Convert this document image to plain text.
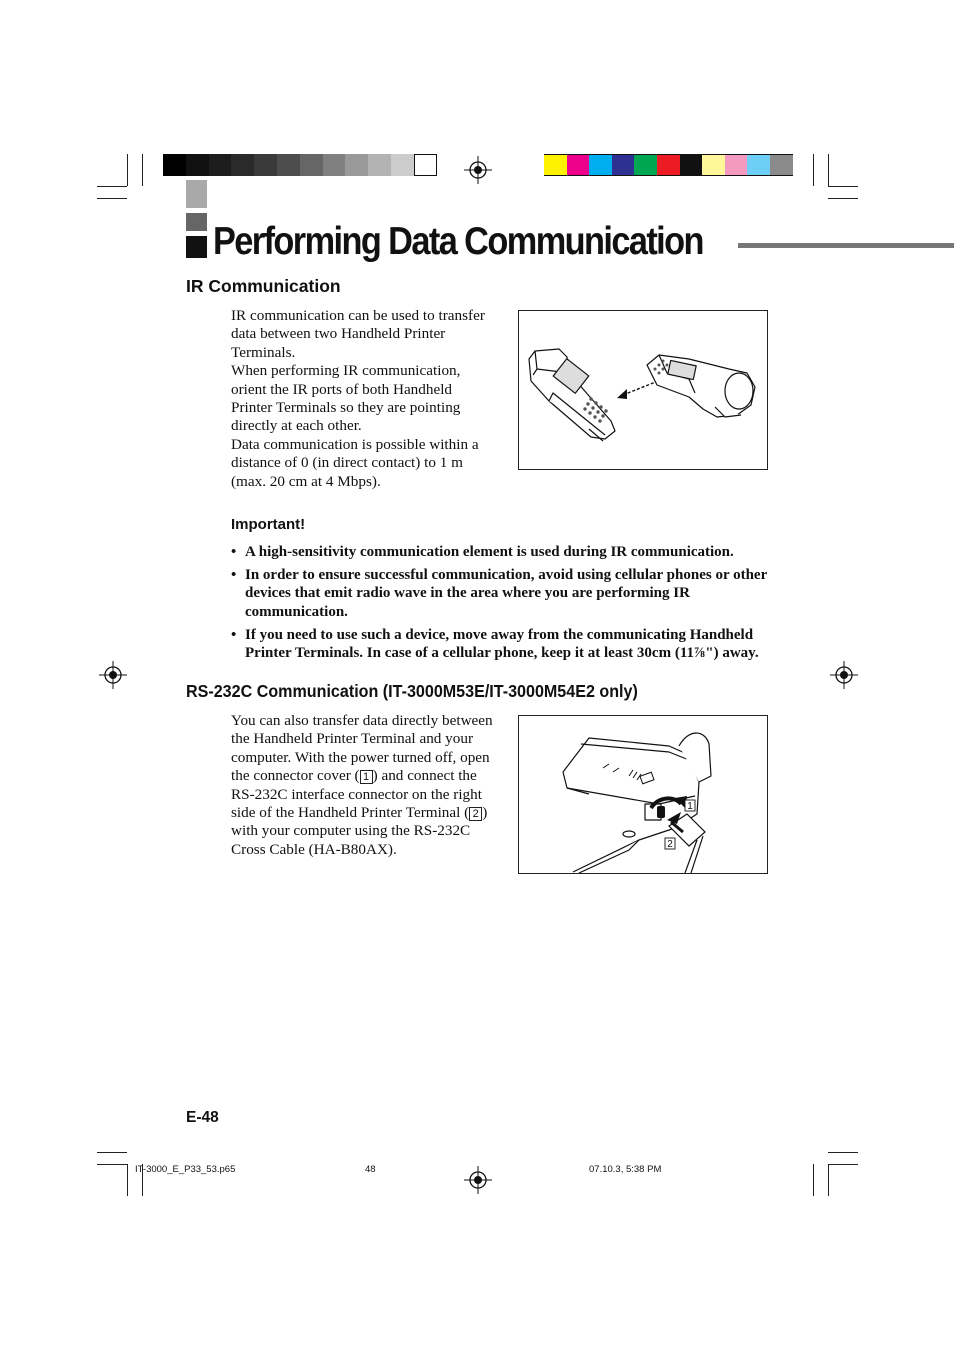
Performing Data Communication
IR Communication

IR communication can be used to transfer data between two Handheld Printer Terminals.

When performing IR communication, orient the IR ports of both Handheld Printer Terminals so they are pointing directly at each other.

Data communication is possible within a distance of 0 (in direct contact) to 1 m (max. 20 cm at 4 Mbps).

Important!
• A high-sensitivity communication element is used during IR communication.
• In order to ensure successful communication, avoid using cellular phones or other devices that emit radio wave in the area where you are performing IR communication.
• If you need to use such a device, move away from the communicating Handheld Printer Terminals. In case of a cellular phone, keep it at least 30cm (11⅞") away.
RS-232C Communication (IT-3000M53E/IT-3000M54E2 only)
You can also transfer data directly between the Handheld Printer Terminal and your computer. With the power turned off, open the connector cover ( 1 ) and connect the RS-232C interface connector on the right side of the Handheld Printer Terminal ( 2 ) with your computer using the RS-232C Cross Cable (HA-B80AX).
1
2
E-48
IT-3000_E_P33_53.p65	48	07.10.3, 5:38 PM
